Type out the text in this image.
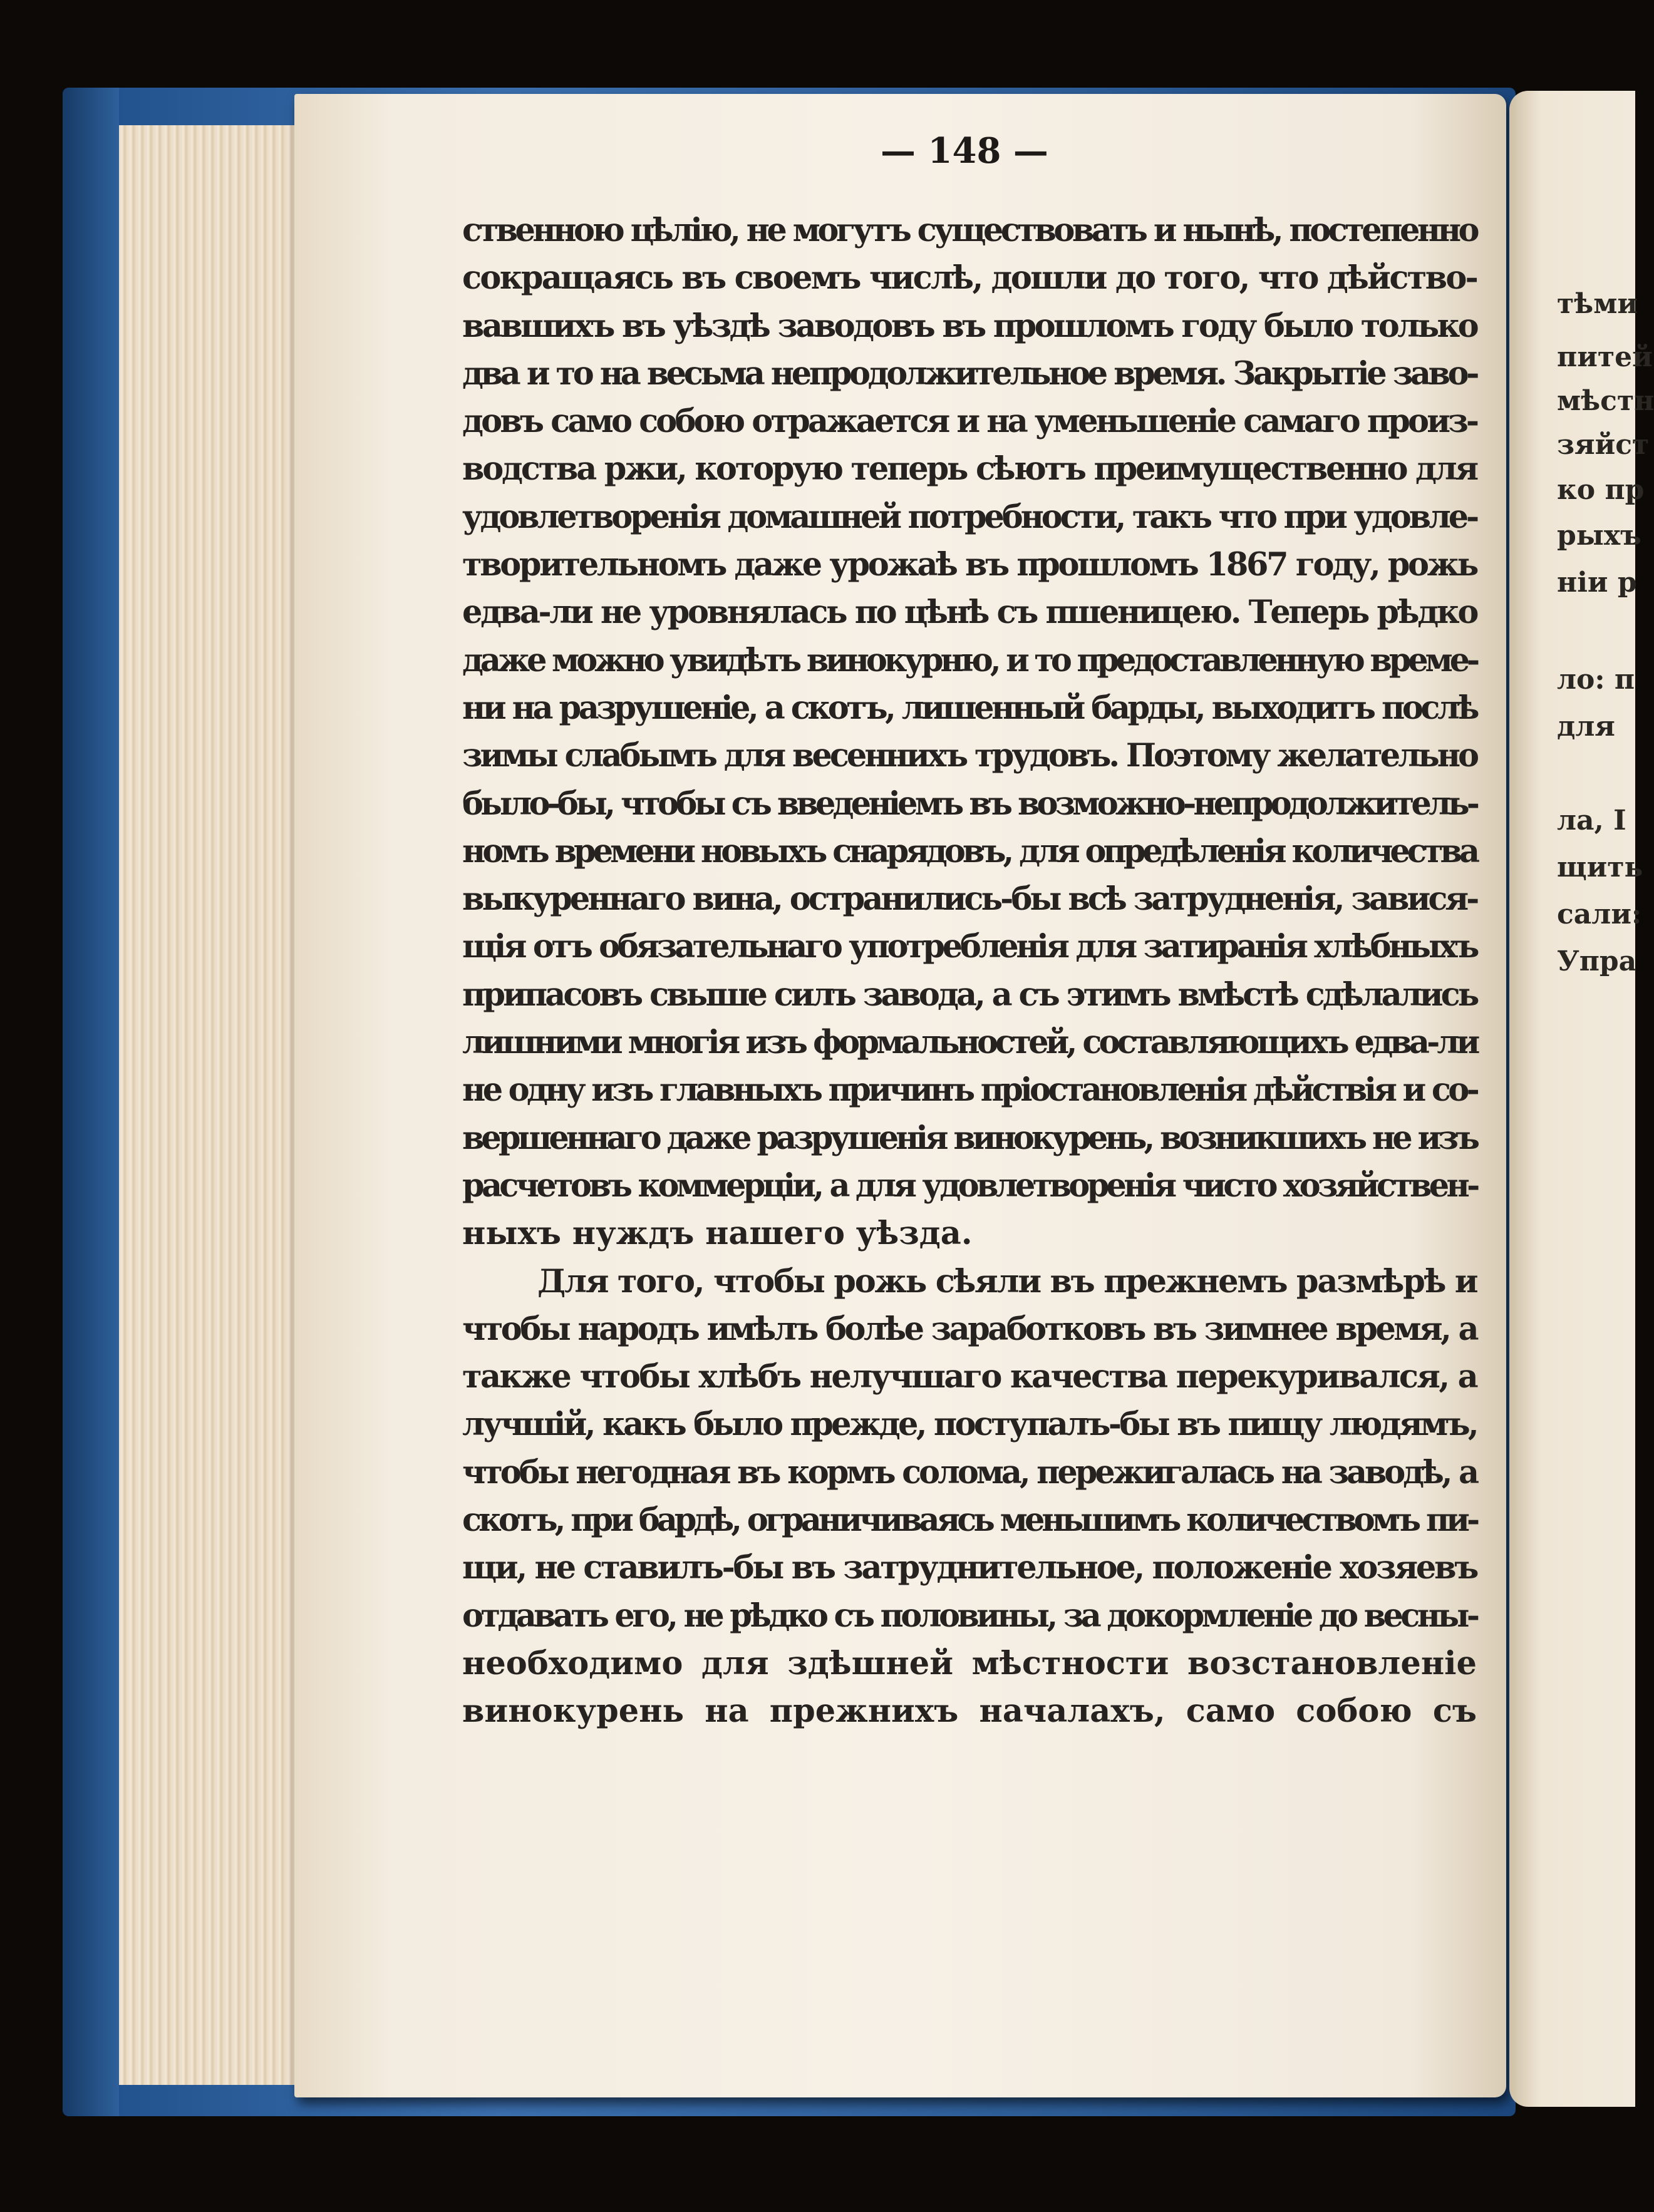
— 148 —
ственною цѣлію, не могутъ существовать и нынѣ, постепенно
сокращаясь въ своемъ числѣ, дошли до того, что дѣйство-
вавшихъ въ уѣздѣ заводовъ въ прошломъ году было только
два и то на весьма непродолжительное время. Закрытіе заво-
довъ само собою отражается и на уменьшеніе самаго произ-
водства ржи, которую теперь сѣютъ преимущественно для
удовлетворенія домашней потребности, такъ что при удовле-
творительномъ даже урожаѣ въ прошломъ 1867 году, рожь
едва-ли не уровнялась по цѣнѣ съ пшеницею. Теперь рѣдко
даже можно увидѣть винокурню, и то предоставленную време-
ни на разрушеніе, а скотъ, лишенный барды, выходитъ послѣ
зимы слабымъ для весеннихъ трудовъ. Поэтому желательно
было-бы, чтобы съ введеніемъ въ возможно-непродолжитель-
номъ времени новыхъ снарядовъ, для опредѣленія количества
выкуреннаго вина, остранились-бы всѣ затрудненія, завися-
щія отъ обязательнаго употребленія для затиранія хлѣбныхъ
припасовъ свыше силъ завода, а съ этимъ вмѣстѣ сдѣлались
лишними многія изъ формальностей, составляющихъ едва-ли
не одну изъ главныхъ причинъ пріостановленія дѣйствія и со-
вершеннаго даже разрушенія винокурень, возникшихъ не изъ
расчетовъ коммерціи, а для удовлетворенія чисто хозяйствен-
ныхъ нуждъ нашего уѣзда.
Для того, чтобы рожь сѣяли въ прежнемъ размѣрѣ и
чтобы народъ имѣлъ болѣе заработковъ въ зимнее время, а
также чтобы хлѣбъ нелучшаго качества перекуривался, а
лучшій, какъ было прежде, поступалъ-бы въ пищу людямъ,
чтобы негодная въ кормъ солома, пережигалась на заводѣ, а
скотъ, при бардѣ, ограничиваясь меньшимъ количествомъ пи-
щи, не ставилъ-бы въ затруднительное, положеніе хозяевъ
отдавать его, не рѣдко съ половины, за докормленіе до весны-
необходимо для здѣшней мѣстности возстановленіе
винокурень на прежнихъ началахъ, само собою съ
тѣми
питей
мѣстн
зяйст
ко пр
рыхъ
ніи р
ло: п
для
ла, I
щить
сали:
Упра
